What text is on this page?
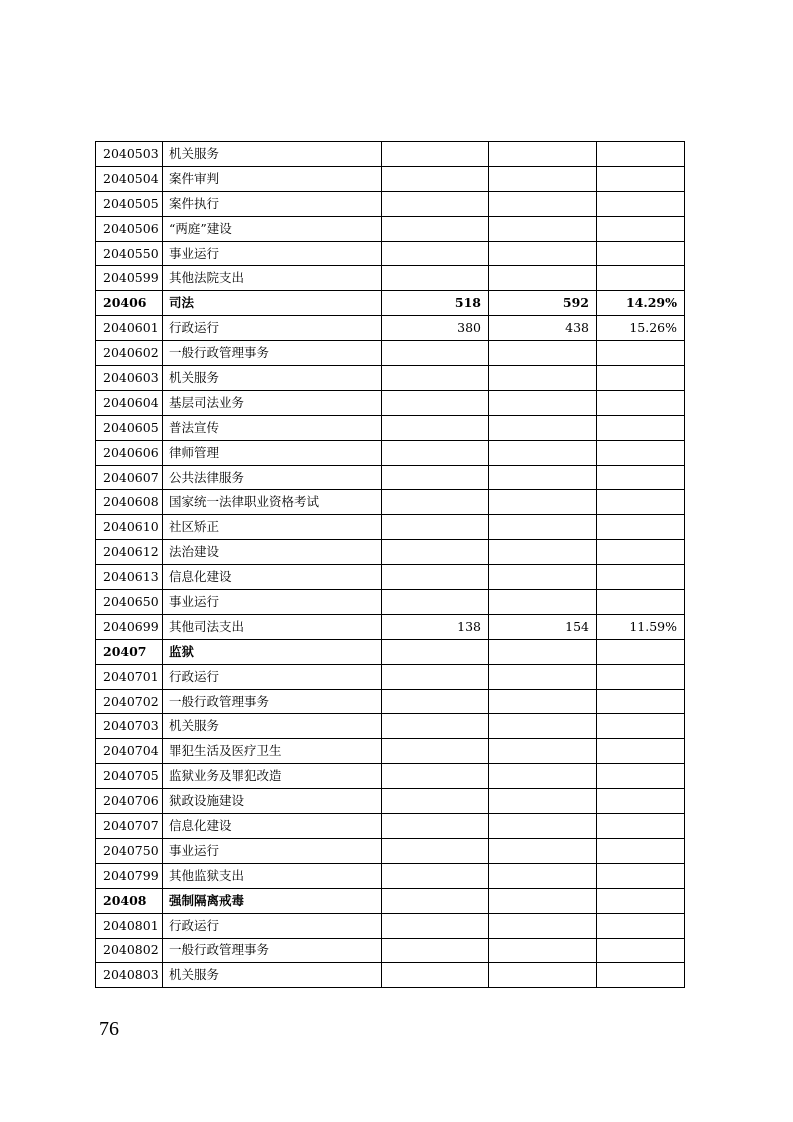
2040503	机关服务			
2040504	案件审判			
2040505	案件执行			
2040506	“两庭”建设			
2040550	事业运行			
2040599	其他法院支出			
20406	司法	518	592	14.29%
2040601	行政运行	380	438	15.26%
2040602	一般行政管理事务			
2040603	机关服务			
2040604	基层司法业务			
2040605	普法宣传			
2040606	律师管理			
2040607	公共法律服务			
2040608	国家统一法律职业资格考试			
2040610	社区矫正			
2040612	法治建设			
2040613	信息化建设			
2040650	事业运行			
2040699	其他司法支出	138	154	11.59%
20407	监狱			
2040701	行政运行			
2040702	一般行政管理事务			
2040703	机关服务			
2040704	罪犯生活及医疗卫生			
2040705	监狱业务及罪犯改造			
2040706	狱政设施建设			
2040707	信息化建设			
2040750	事业运行			
2040799	其他监狱支出			
20408	强制隔离戒毒			
2040801	行政运行			
2040802	一般行政管理事务			
2040803	机关服务			
76
